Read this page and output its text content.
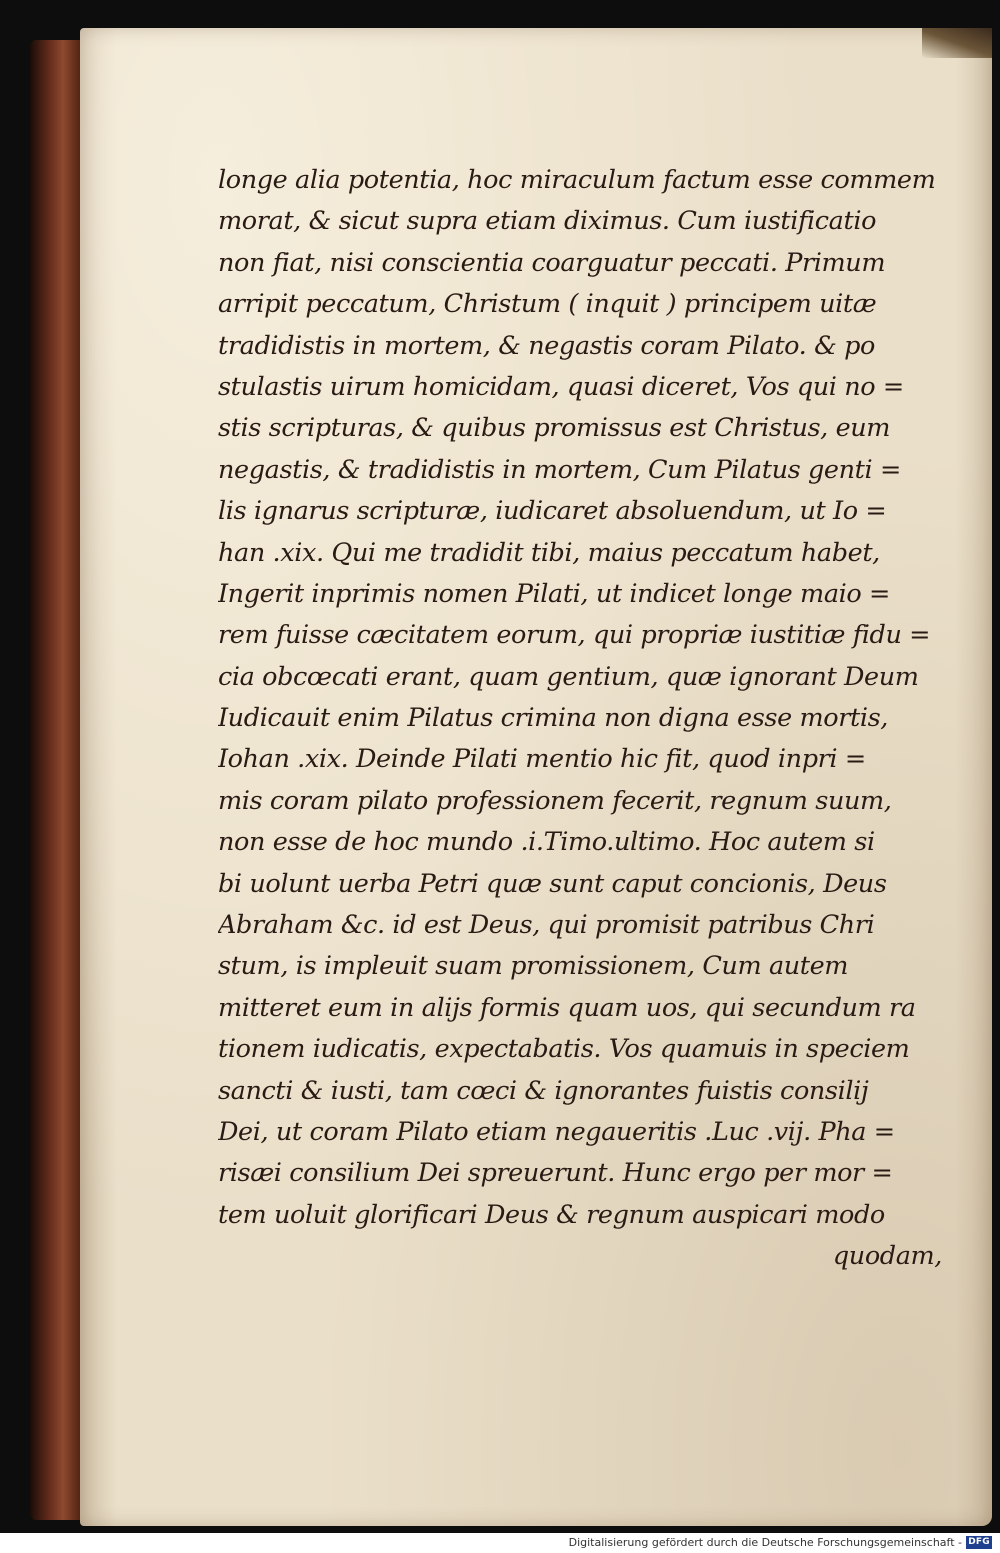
longe alia potentia, hoc miraculum factum esse commem
morat, & sicut supra etiam diximus. Cum iustificatio
non fiat, nisi conscientia coarguatur peccati. Primum
arripit peccatum, Christum ( inquit ) principem uitæ
tradidistis in mortem, & negastis coram Pilato. & po
stulastis uirum homicidam, quasi diceret, Vos qui no =
stis scripturas, & quibus promissus est Christus, eum
negastis, & tradidistis in mortem, Cum Pilatus genti =
lis ignarus scripturæ, iudicaret absoluendum, ut Io =
han .xix. Qui me tradidit tibi, maius peccatum habet,
Ingerit inprimis nomen Pilati, ut indicet longe maio =
rem fuisse cæcitatem eorum, qui propriæ iustitiæ fidu =
cia obcœcati erant, quam gentium, quæ ignorant Deum
Iudicauit enim Pilatus crimina non digna esse mortis,
Iohan .xix. Deinde Pilati mentio hic fit, quod inpri =
mis coram pilato professionem fecerit, regnum suum,
non esse de hoc mundo .i.Timo.ultimo. Hoc autem si
bi uolunt uerba Petri quæ sunt caput concionis, Deus
Abraham &c. id est Deus, qui promisit patribus Chri
stum, is impleuit suam promissionem, Cum autem
mitteret eum in alijs formis quam uos, qui secundum ra
tionem iudicatis, expectabatis. Vos quamuis in speciem
sancti & iusti, tam cœci & ignorantes fuistis consilij
Dei, ut coram Pilato etiam negaueritis .Luc .vij. Pha =
risæi consilium Dei spreuerunt. Hunc ergo per mor =
tem uoluit glorificari Deus & regnum auspicari modo
quodam,
Digitalisierung gefördert durch die Deutsche Forschungsgemeinschaft - DFG
